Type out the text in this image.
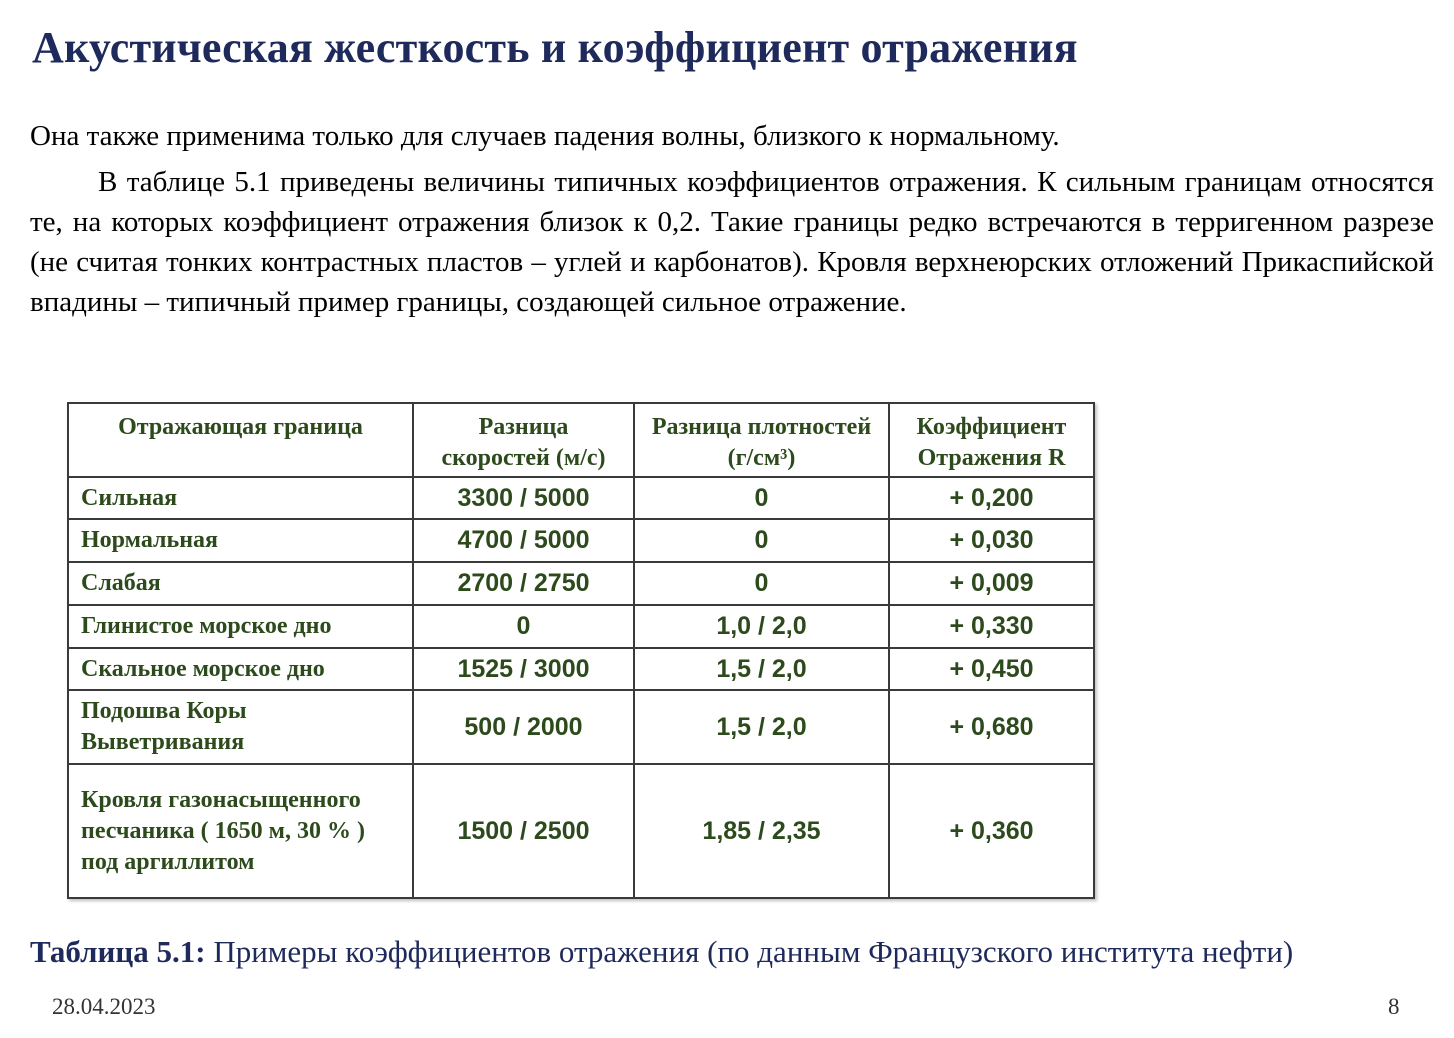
Акустическая жесткость и коэффициент отражения

Она также применима только для случаев падения волны, близкого к нормальному.

В таблице 5.1 приведены величины типичных коэффициентов отражения. К сильным границам относятся те, на которых коэффициент отражения близок к 0,2. Такие границы редко встречаются в терригенном разрезе (не считая тонких контрастных пластов – углей и карбонатов). Кровля верхнеюрских отложений Прикаспийской впадины – типичный пример границы, создающей сильное отражение.

Отражающая граница	Разница скоростей (м/с)	Разница плотностей (г/см³)	Коэффициент Отражения R
Сильная	3300 / 5000	0	+ 0,200
Нормальная	4700 / 5000	0	+ 0,030
Слабая	2700 / 2750	0	+ 0,009
Глинистое морское дно	0	1,0 / 2,0	+ 0,330
Скальное морское дно	1525 / 3000	1,5 / 2,0	+ 0,450
Подошва Коры Выветривания	500 / 2000	1,5 / 2,0	+ 0,680
Кровля газонасыщенного песчаника ( 1650 м, 30 % ) под аргиллитом	1500 / 2500	1,85 / 2,35	+ 0,360

Таблица 5.1: Примеры коэффициентов отражения (по данным Французского института нефти)

28.04.2023	8
